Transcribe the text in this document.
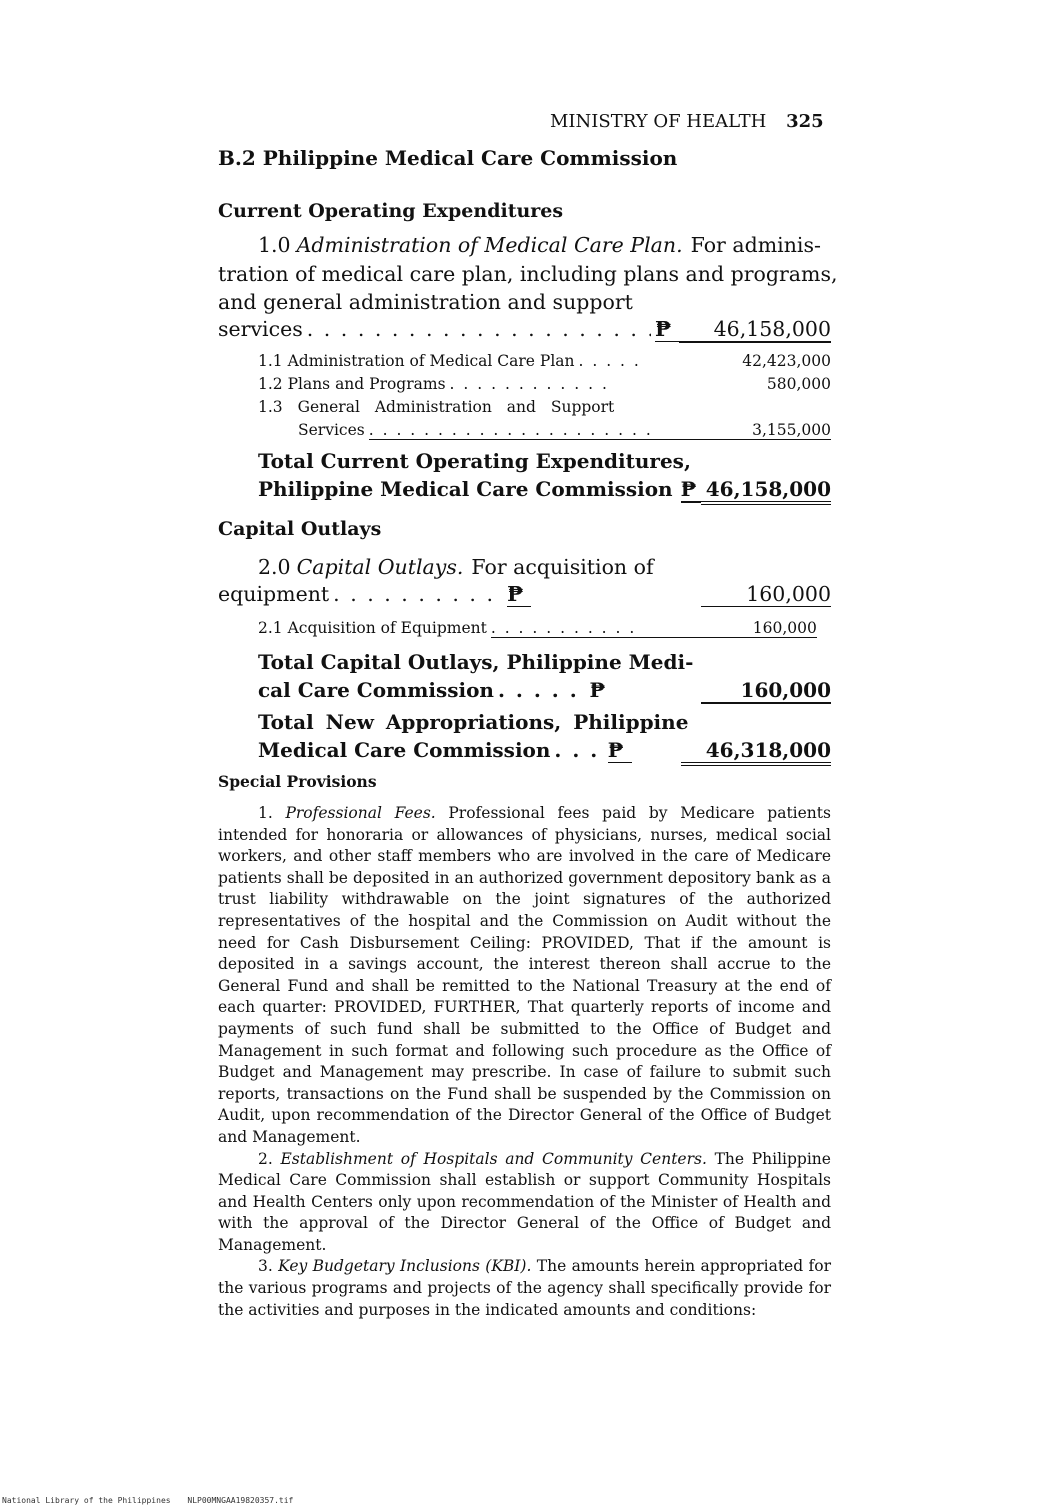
MINISTRY OF HEALTH 325
B.2 Philippine Medical Care Commission
Current Operating Expenditures
1.0 Administration of Medical Care Plan. For adminis-
tration of medical care plan, including plans and programs,
and general administration and support
services . . .	₱	46,158,000
1.1 Administration of Medical Care Plan . . .	42,423,000
1.2 Plans and Programs . . .	580,000
1.3 General Administration and Support
Services . . .	3,155,000
Total Current Operating Expenditures,
Philippine Medical Care Commission ₱ 46,158,000
Capital Outlays
2.0 Capital Outlays. For acquisition of
equipment . . .	₱	160,000
2.1 Acquisition of Equipment . . .	160,000
Total Capital Outlays, Philippine Medi-
cal Care Commission . . .	₱	160,000
Total New Appropriations, Philippine
Medical Care Commission . . .	₱	46,318,000
Special Provisions

1. Professional Fees. Professional fees paid by Medicare patients intended for honoraria or allowances of physicians, nurses, medical social workers, and other staff members who are involved in the care of Medicare patients shall be deposited in an authorized government depository bank as a trust liability withdrawable on the joint signatures of the authorized representatives of the hospital and the Commission on Audit without the need for Cash Disbursement Ceiling: PROVIDED, That if the amount is deposited in a savings account, the interest thereon shall accrue to the General Fund and shall be remitted to the National Treasury at the end of each quarter: PROVIDED, FURTHER, That quarterly reports of income and payments of such fund shall be submitted to the Office of Budget and Management in such format and following such procedure as the Office of Budget and Management may prescribe. In case of failure to submit such reports, transactions on the Fund shall be suspended by the Commission on Audit, upon recommendation of the Director General of the Office of Budget and Management.

2. Establishment of Hospitals and Community Centers. The Philippine Medical Care Commission shall establish or support Community Hospitals and Health Centers only upon recommendation of the Minister of Health and with the approval of the Director General of the Office of Budget and Management.

3. Key Budgetary Inclusions (KBI). The amounts herein appropriated for the various programs and projects of the agency shall specifically provide for the activities and purposes in the indicated amounts and conditions:

National Library of the Philippines NLP00MNGAA19820357.tif
